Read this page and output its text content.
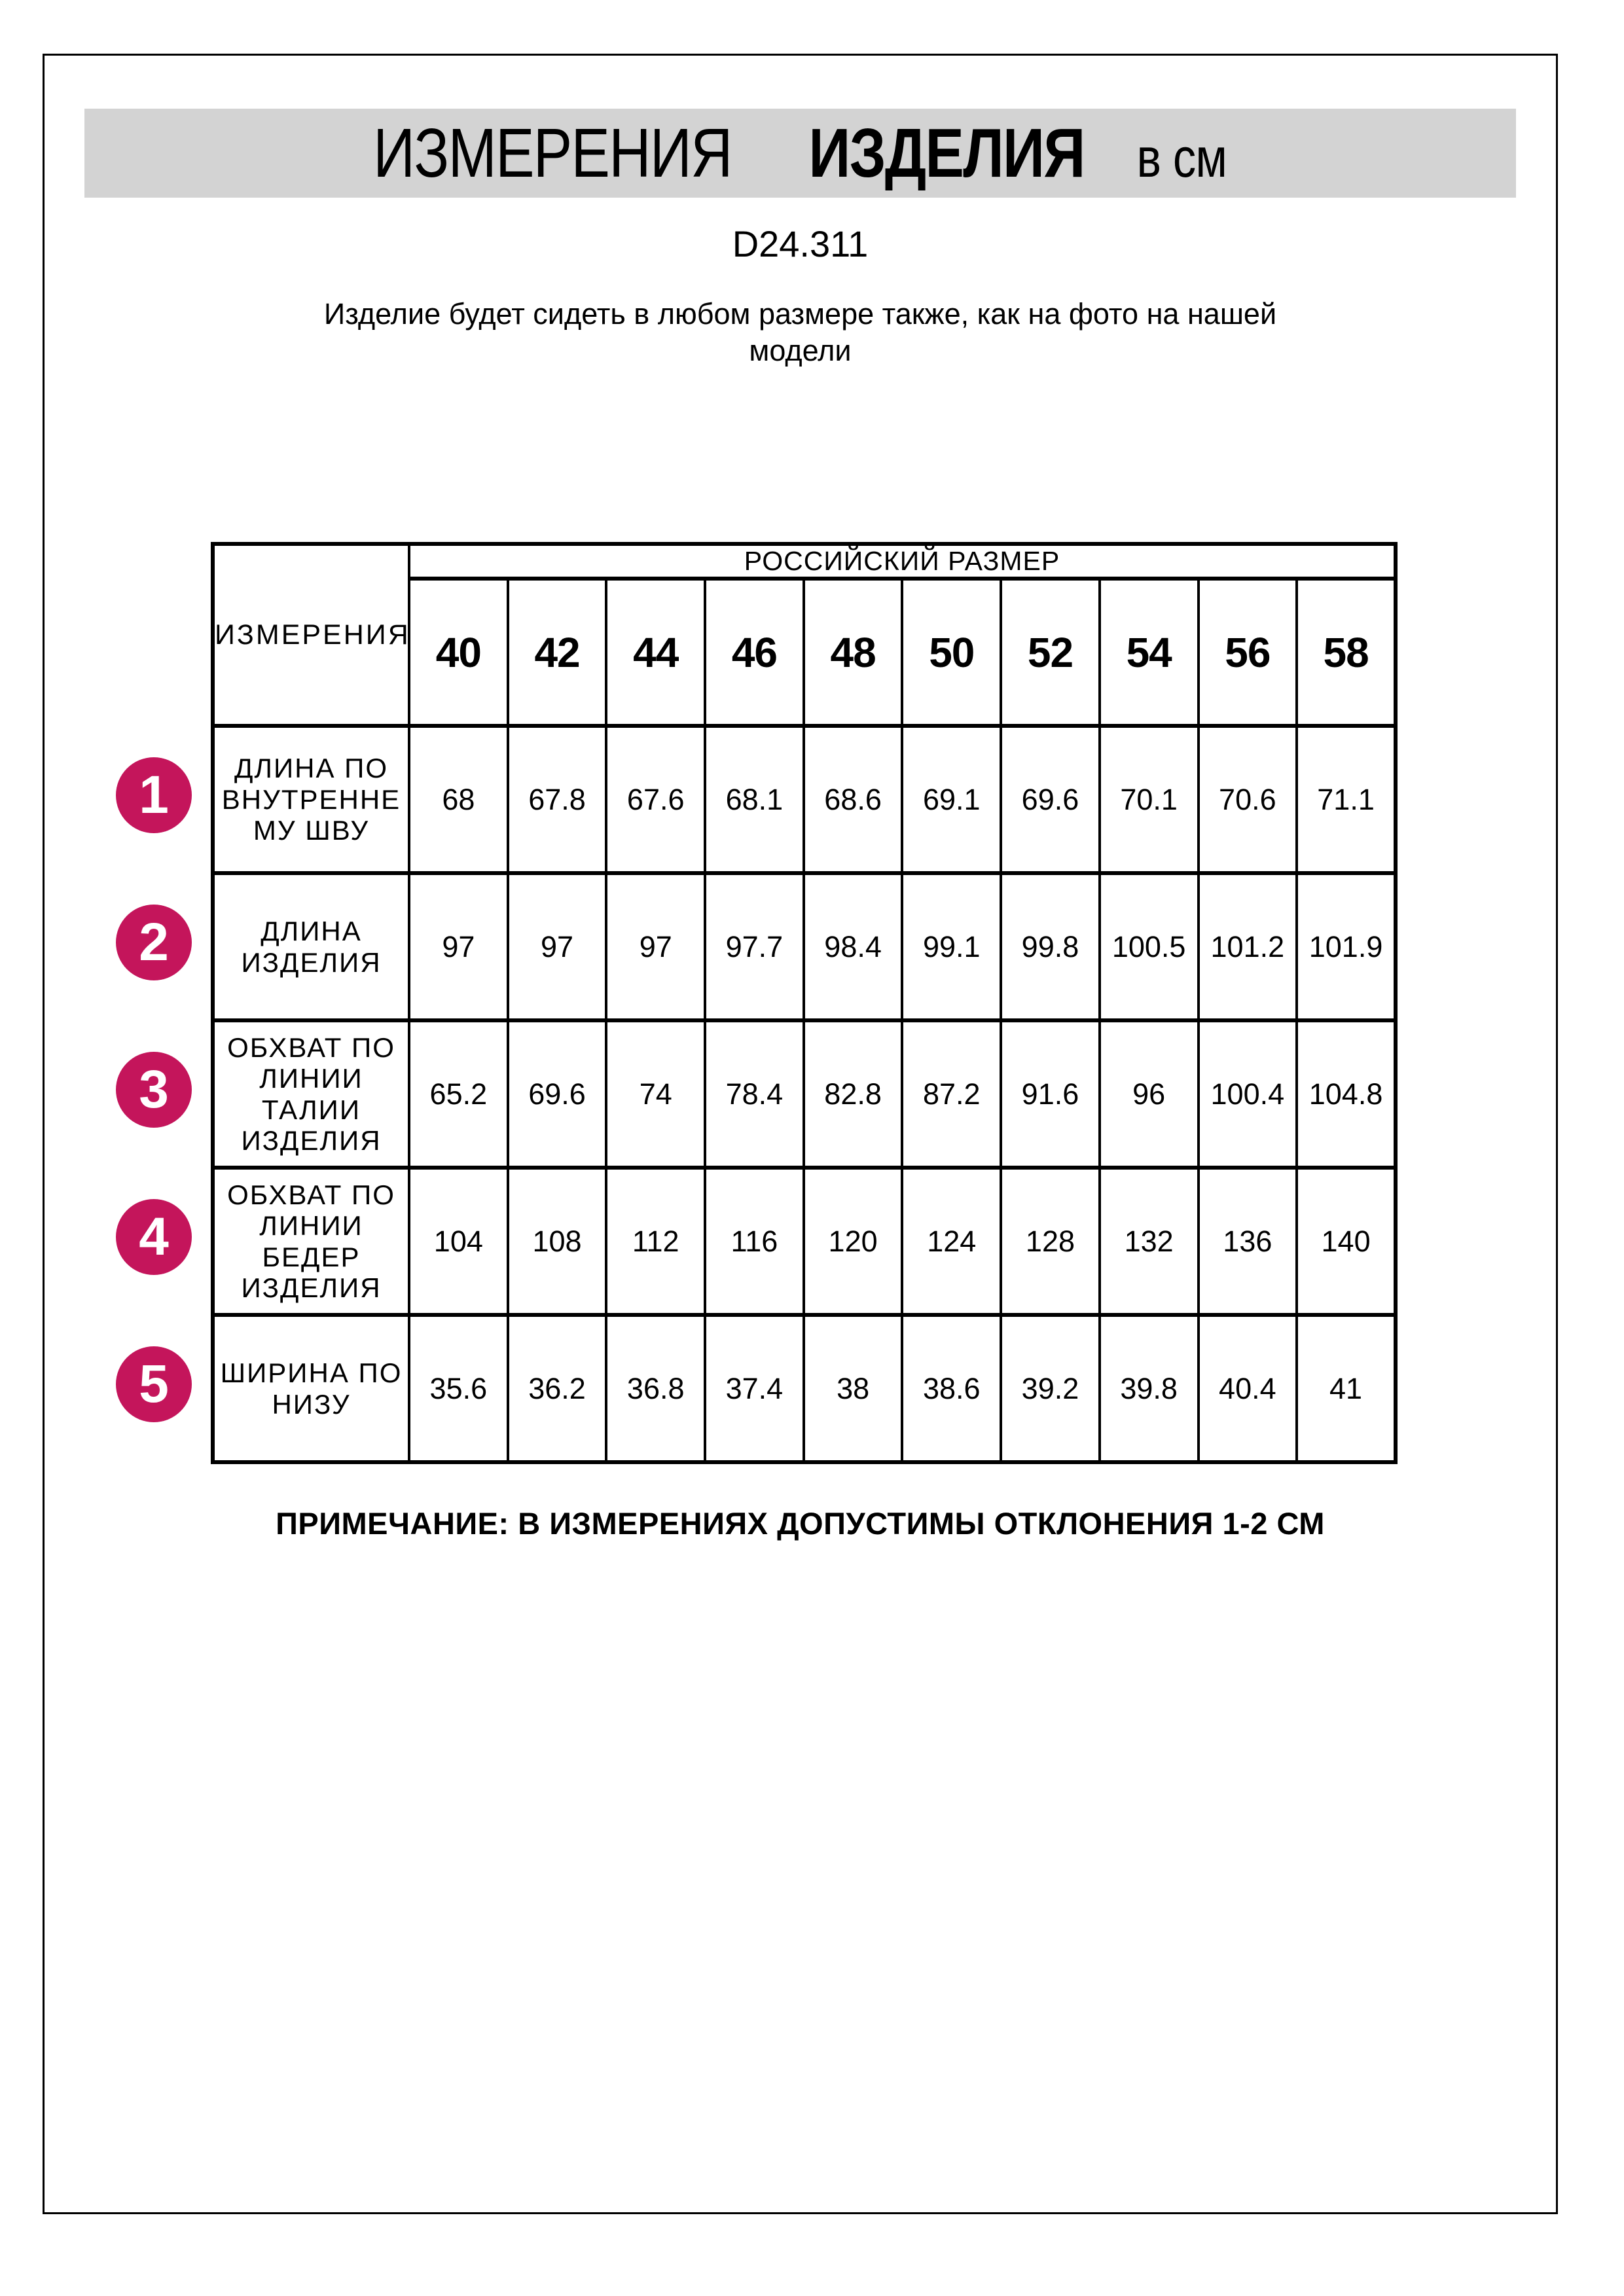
ИЗМЕРЕНИЯ ИЗДЕЛИЯ в см
D24.311
Изделие будет сидеть в любом размере также, как на фото на нашей
модели
ИЗМЕРЕНИЯ	РОССИЙСКИЙ РАЗМЕР									
	40	42	44	46	48	50	52	54	56	58

ДЛИНА ПО
ВНУТРЕННЕ
МУ ШВУ	68	67.8	67.6	68.1	68.6	69.1	69.6	70.1	70.6	71.1

ДЛИНА
ИЗДЕЛИЯ	97	97	97	97.7	98.4	99.1	99.8	100.5	101.2	101.9

ОБХВАТ ПО
ЛИНИИ
ТАЛИИ
ИЗДЕЛИЯ	65.2	69.6	74	78.4	82.8	87.2	91.6	96	100.4	104.8

ОБХВАТ ПО
ЛИНИИ
БЕДЕР
ИЗДЕЛИЯ	104	108	112	116	120	124	128	132	136	140

ШИРИНА ПО
НИЗУ	35.6	36.2	36.8	37.4	38	38.6	39.2	39.8	40.4	41
1
2
3
4
5
ПРИМЕЧАНИЕ: В ИЗМЕРЕНИЯХ ДОПУСТИМЫ ОТКЛОНЕНИЯ 1-2 СМ
